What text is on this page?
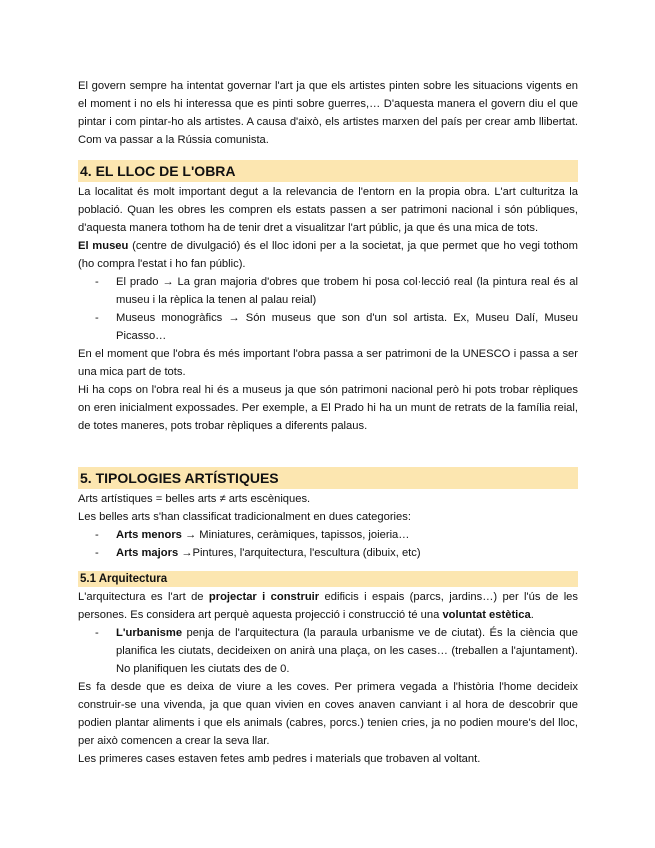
El govern sempre ha intentat governar l'art ja que els artistes pinten sobre les situacions vigents en el moment i no els hi interessa que es pinti sobre guerres,… D'aquesta manera el govern diu el que pintar i com pintar-ho als artistes. A causa d'això, els artistes marxen del país per crear amb llibertat. Com va passar a la Rússia comunista.

4. EL LLOC DE L'OBRA

La localitat és molt important degut a la relevancia de l'entorn en la propia obra. L'art culturitza la població. Quan les obres les compren els estats passen a ser patrimoni nacional i són públiques, d'aquesta manera tothom ha de tenir dret a visualitzar l'art públic, ja que és una mica de tots.

El museu (centre de divulgació) és el lloc idoni per a la societat, ja que permet que ho vegi tothom (ho compra l'estat i ho fan públic).

- El prado → La gran majoria d'obres que trobem hi posa col·lecció real (la pintura real és al museu i la rèplica la tenen al palau reial)
- Museus monogràfics → Són museus que son d'un sol artista. Ex, Museu Dalí, Museu Picasso…

En el moment que l'obra és més important l'obra passa a ser patrimoni de la UNESCO i passa a ser una mica part de tots.

Hi ha cops on l'obra real hi és a museus ja que són patrimoni nacional però hi pots trobar rèpliques on eren inicialment expossades. Per exemple, a El Prado hi ha un munt de retrats de la família reial, de totes maneres, pots trobar rèpliques a diferents palaus.

5. TIPOLOGIES ARTÍSTIQUES

Arts artístiques = belles arts ≠ arts escèniques.

Les belles arts s'han classificat tradicionalment en dues categories:

- Arts menors → Miniatures, ceràmiques, tapissos, joieria…
- Arts majors →Pintures, l'arquitectura, l'escultura (dibuix, etc)
5.1 Arquitectura

L'arquitectura es l'art de projectar i construir edificis i espais (parcs, jardins…) per l'ús de les persones. Es considera art perquè aquesta projecció i construcció té una voluntat estètica.

- L'urbanisme penja de l'arquitectura (la paraula urbanisme ve de ciutat). És la ciència que planifica les ciutats, decideixen on anirà una plaça, on les cases… (treballen a l'ajuntament). No planifiquen les ciutats des de 0.

Es fa desde que es deixa de viure a les coves. Per primera vegada a l'història l'home decideix construir-se una vivenda, ja que quan vivien en coves anaven canviant i al hora de descobrir que podien plantar aliments i que els animals (cabres, porcs.) tenien cries, ja no podien moure's del lloc, per això comencen a crear la seva llar.

Les primeres cases estaven fetes amb pedres i materials que trobaven al voltant.
